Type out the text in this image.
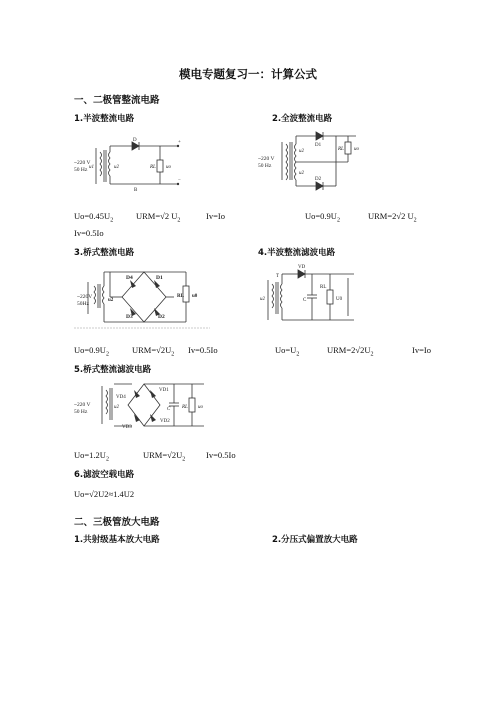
模电专题复习一：计算公式
一、二极管整流电路
1.半波整流电路	2.全波整流电路
~220 V
50 Hz u1	u2
D
RL uo
+
−
B
~220 V
50 Hz
u2
u2
D1
D2
RL uo
$Uo=0.45U_2$	URM=√2 $U_2$	Iv=Io	$Uo=0.9U_2$	URM=2√2 $U_2$
Iv=0.5Io
3.桥式整流电路	4.半波整流滤波电路
~220V
50Hz
u2
D4	D1
D3	D2
RL u0
T
VD
C
RL
U0
u2
$Uo=0.9U_2$	$URM=√2U_2$ Iv=0.5Io	$Uo=U_2$	$URM=2√2U_2$	Iv=Io
5.桥式整流滤波电路
~220 V
50 Hz
u2
VD4
VD1
VD3
VD2
C RL uo
$Uo=1.2U_2$	$URM=√2U_2$ Iv=0.5Io
6.滤波空载电路
Uo=√2U2≈1.4U2
二、三极管放大电路
1.共射级基本放大电路	2.分压式偏置放大电路
